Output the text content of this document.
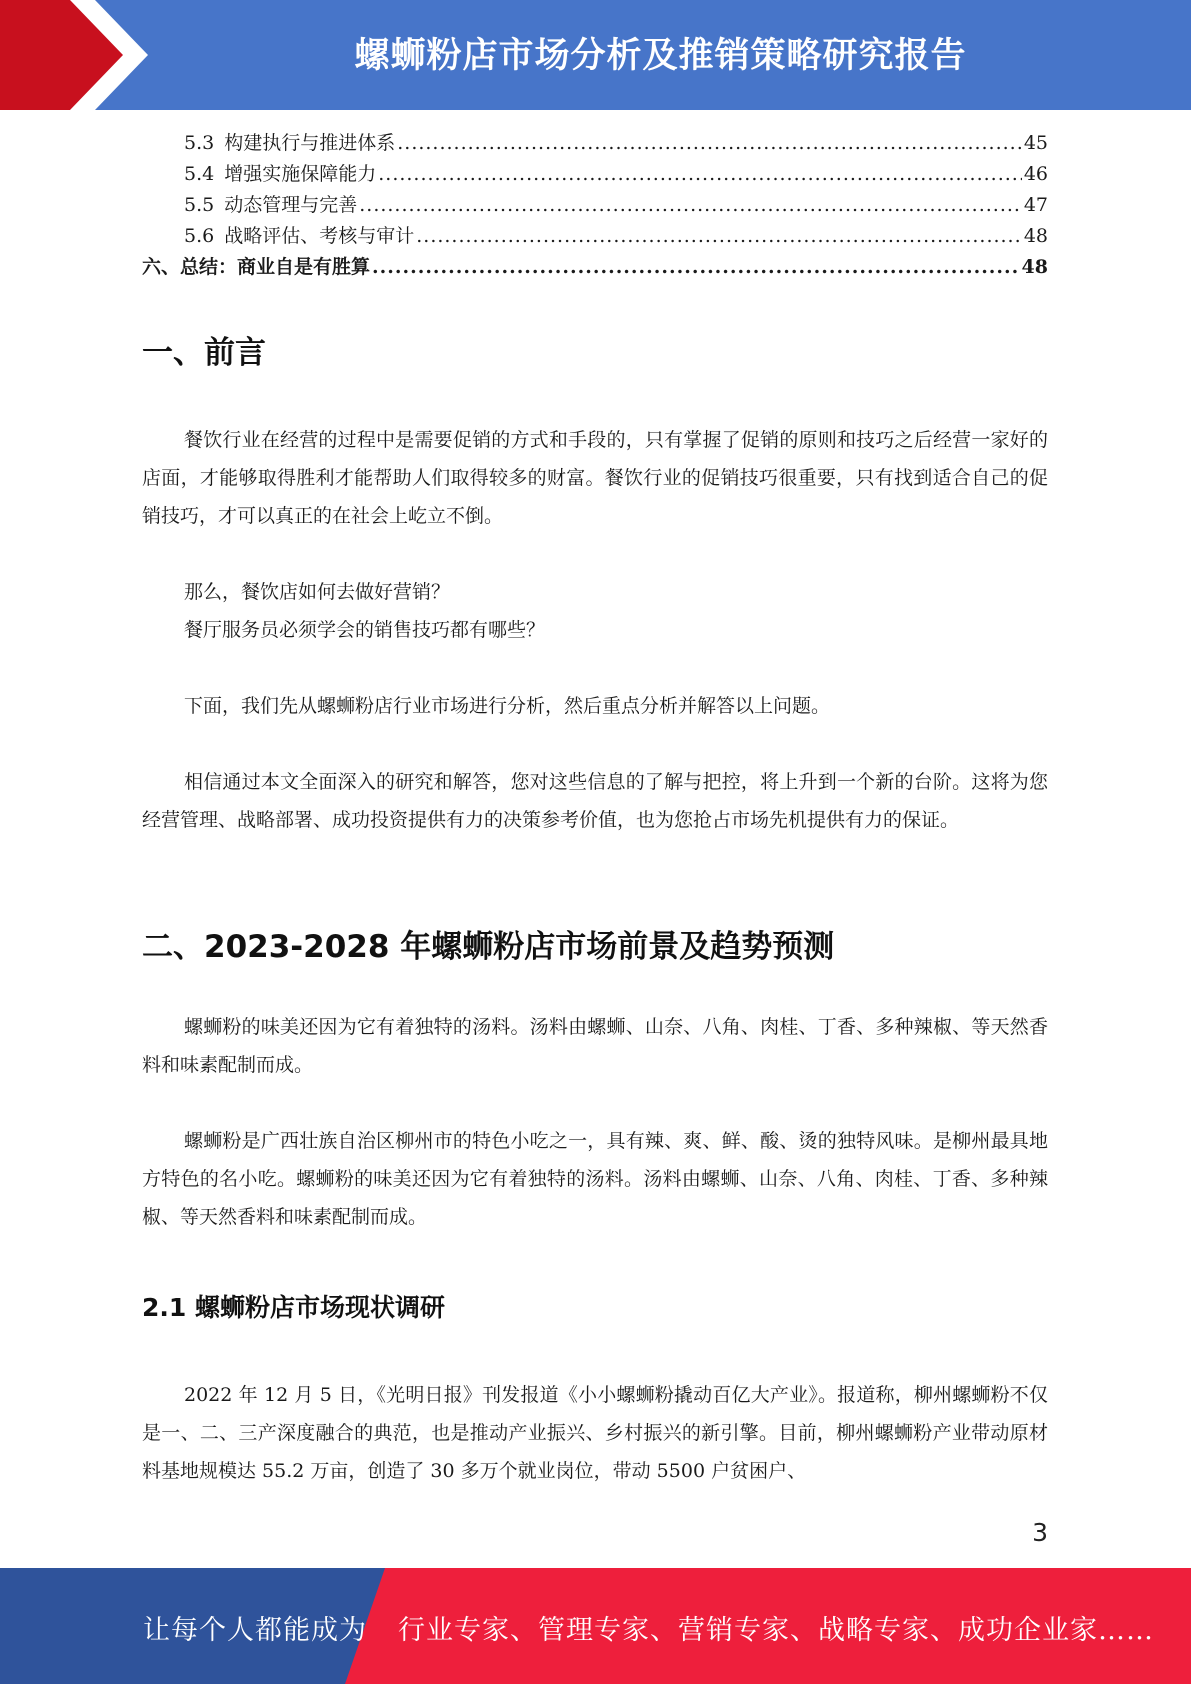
螺蛳粉店市场分析及推销策略研究报告
5.3 构建执行与推进体系 .....	45
5.4 增强实施保障能力 .....	46
5.5 动态管理与完善 .....	47
5.6 战略评估、考核与审计 .....	48
六、总结：商业自是有胜算 .....	48
一、前言

餐饮行业在经营的过程中是需要促销的方式和手段的，只有掌握了促销的原则和技巧之后经营一家好的店面，才能够取得胜利才能帮助人们取得较多的财富。餐饮行业的促销技巧很重要，只有找到适合自己的促销技巧，才可以真正的在社会上屹立不倒。

那么，餐饮店如何去做好营销？

餐厅服务员必须学会的销售技巧都有哪些？

下面，我们先从螺蛳粉店行业市场进行分析，然后重点分析并解答以上问题。

相信通过本文全面深入的研究和解答，您对这些信息的了解与把控，将上升到一个新的台阶。这将为您经营管理、战略部署、成功投资提供有力的决策参考价值，也为您抢占市场先机提供有力的保证。

二、2023-2028 年螺蛳粉店市场前景及趋势预测

螺蛳粉的味美还因为它有着独特的汤料。汤料由螺蛳、山奈、八角、肉桂、丁香、多种辣椒、等天然香料和味素配制而成。

螺蛳粉是广西壮族自治区柳州市的特色小吃之一，具有辣、爽、鲜、酸、烫的独特风味。是柳州最具地方特色的名小吃。螺蛳粉的味美还因为它有着独特的汤料。汤料由螺蛳、山奈、八角、肉桂、丁香、多种辣椒、等天然香料和味素配制而成。

2.1 螺蛳粉店市场现状调研

2022 年 12 月 5 日，《光明日报》刊发报道《小小螺蛳粉撬动百亿大产业》。报道称，柳州螺蛳粉不仅是一、二、三产深度融合的典范，也是推动产业振兴、乡村振兴的新引擎。目前，柳州螺蛳粉产业带动原材料基地规模达 55.2 万亩，创造了 30 多万个就业岗位，带动 5500 户贫困户、

3
让每个人都能成为 行业专家、管理专家、营销专家、战略专家、成功企业家……
